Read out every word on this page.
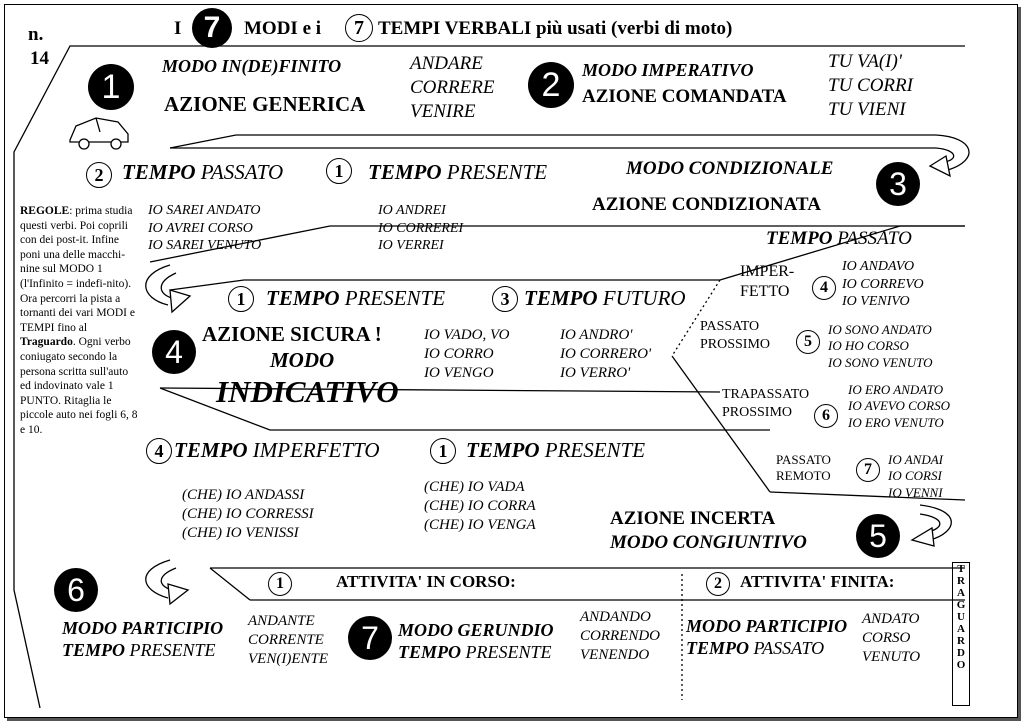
n.
14
I 7	MODI e i	7 TEMPI VERBALI più usati (verbi di moto)
1
MODO IN(DE)FINITO
AZIONE GENERICA
ANDARE
CORRERE
VENIRE
2	MODO IMPERATIVO
AZIONE COMANDATA
TU VA(I)'
TU CORRI
TU VIENI
2 TEMPO PASSATO	1	TEMPO PRESENTE	MODO CONDIZIONALE	3
AZIONE CONDIZIONATA
IO SAREI ANDATO
IO AVREI CORSO
IO SAREI VENUTO
IO ANDREI
IO CORREREI
IO VERREI
REGOLE: prima studia questi verbi. Poi coprili con dei post-it. Infine poni una delle macchi-nine sul MODO 1 (l'Infinito = indefi-nito). Ora percorri la pista a tornanti dei vari MODI e TEMPI fino al Traguardo. Ogni verbo coniugato secondo la persona scritta sull'auto ed indovinato vale 1 PUNTO. Ritaglia le piccole auto nei fogli 6, 8 e 10.
1 TEMPO PRESENTE	3 TEMPO FUTURO
4 AZIONE SICURA !
MODO
INDICATIVO
IO VADO, VO
IO CORRO
IO VENGO
IO ANDRO'
IO CORRERO'
IO VERRO'
TEMPO PASSATO
IMPER-
FETTO	4
IO ANDAVO
IO CORREVO
IO VENIVO
PASSATO
PROSSIMO	5
IO SONO ANDATO
IO HO CORSO
IO SONO VENUTO
TRAPASSATO
PROSSIMO	6
IO ERO ANDATO
IO AVEVO CORSO
IO ERO VENUTO
PASSATO
REMOTO	7
IO ANDAI
IO CORSI
IO VENNI
4 TEMPO IMPERFETTO	1 TEMPO PRESENTE
(CHE) IO ANDASSI
(CHE) IO CORRESSI
(CHE) IO VENISSI
(CHE) IO VADA
(CHE) IO CORRA
(CHE) IO VENGA	AZIONE INCERTA
MODO CONGIUNTIVO	5
1	ATTIVITA' IN CORSO:	2	ATTIVITA' FINITA:
6
MODO PARTICIPIO
TEMPO PRESENTE
ANDANTE
CORRENTE
VEN(I)ENTE
7	MODO GERUNDIO
TEMPO PRESENTE
ANDANDO
CORRENDO
VENENDO
MODO PARTICIPIO
TEMPO PASSATO
ANDATO
CORSO
VENUTO
T
R
A
G
U
A
R
D
O
